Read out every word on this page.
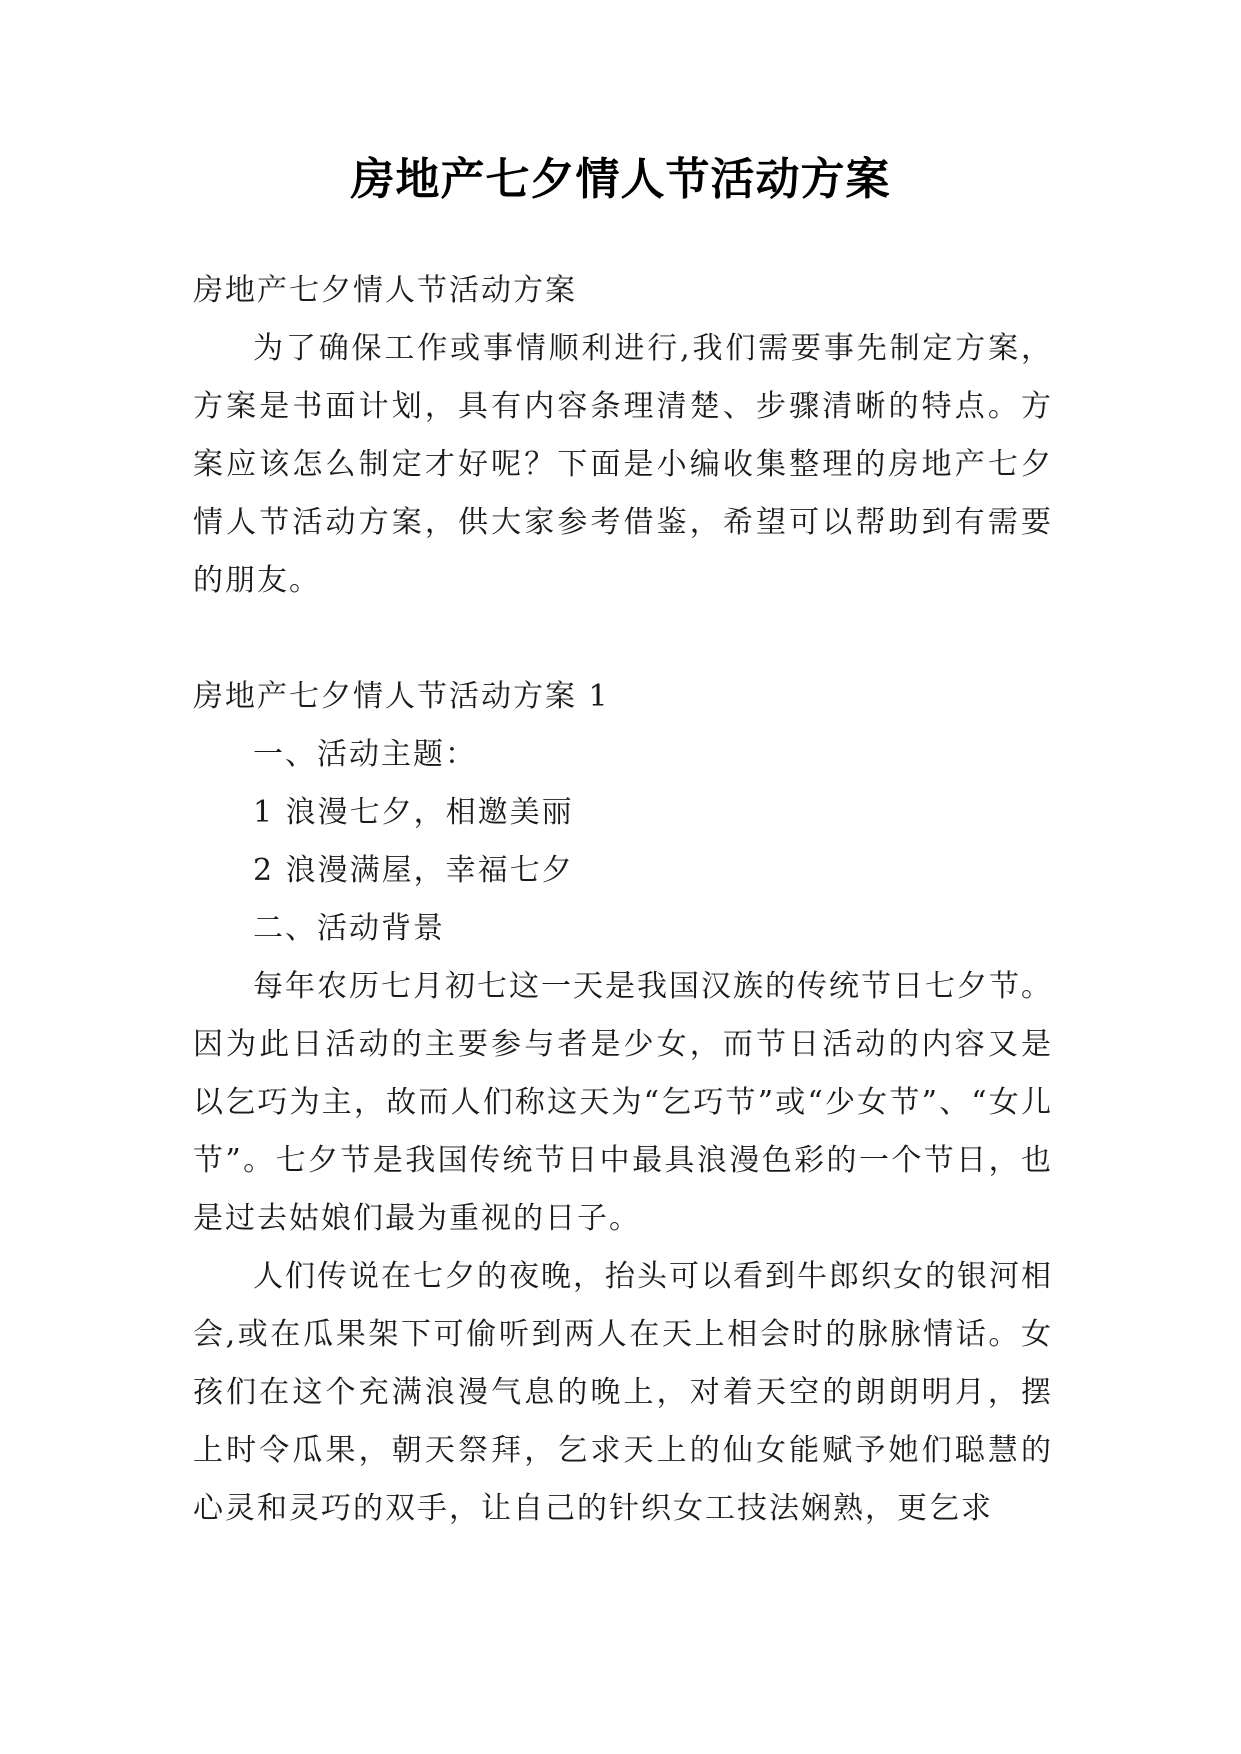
房地产七夕情人节活动方案

房地产七夕情人节活动方案

为了确保工作或事情顺利进行,我们需要事先制定方案，方案是书面计划，具有内容条理清楚、步骤清晰的特点。方案应该怎么制定才好呢？下面是小编收集整理的房地产七夕情人节活动方案，供大家参考借鉴，希望可以帮助到有需要的朋友。

房地产七夕情人节活动方案 1

一、活动主题：

1 浪漫七夕，相邀美丽

2 浪漫满屋，幸福七夕

二、活动背景

每年农历七月初七这一天是我国汉族的传统节日七夕节。因为此日活动的主要参与者是少女，而节日活动的内容又是以乞巧为主，故而人们称这天为“乞巧节”或“少女节”、“女儿节”。七夕节是我国传统节日中最具浪漫色彩的一个节日，也是过去姑娘们最为重视的日子。

人们传说在七夕的夜晚，抬头可以看到牛郎织女的银河相会,或在瓜果架下可偷听到两人在天上相会时的脉脉情话。女孩们在这个充满浪漫气息的晚上，对着天空的朗朗明月，摆上时令瓜果，朝天祭拜，乞求天上的仙女能赋予她们聪慧的心灵和灵巧的双手，让自己的针织女工技法娴熟，更乞求
